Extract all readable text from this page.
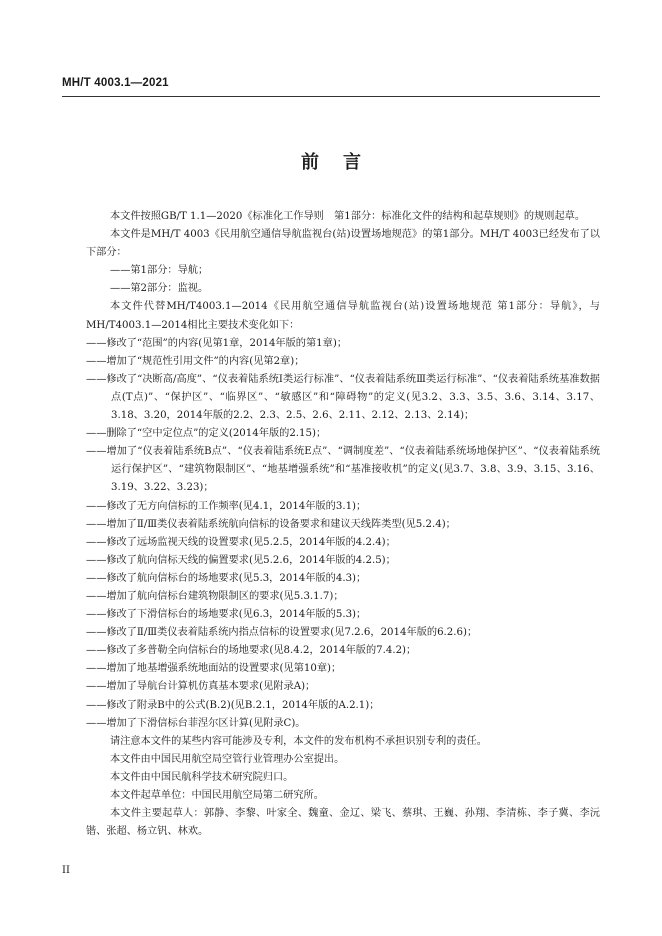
MH/T 4003.1—2021
前言

本文件按照GB/T 1.1—2020《标准化工作导则　第1部分：标准化文件的结构和起草规则》的规则起草。

本文件是MH/T 4003《民用航空通信导航监视台(站)设置场地规范》的第1部分。MH/T 4003已经发布了以下部分：

——第1部分：导航；

——第2部分：监视。

本文件代替MH/T4003.1—2014《民用航空通信导航监视台(站)设置场地规范 第1部分：导航》，与MH/T4003.1—2014相比主要技术变化如下：

——修改了“范围”的内容(见第1章，2014年版的第1章)；

——增加了“规范性引用文件”的内容(见第2章)；

——修改了“决断高/高度”、“仪表着陆系统Ⅰ类运行标准”、“仪表着陆系统Ⅲ类运行标准”、“仪表着陆系统基准数据点(T点)”、“保护区”、“临界区”、“敏感区”和“障碍物”的定义(见3.2、3.3、3.5、3.6、3.14、3.17、3.18、3.20，2014年版的2.2、2.3、2.5、2.6、2.11、2.12、2.13、2.14)；

——删除了“空中定位点”的定义(2014年版的2.15)；

——增加了“仪表着陆系统B点”、“仪表着陆系统E点”、“调制度差”、“仪表着陆系统场地保护区”、“仪表着陆系统运行保护区”、“建筑物限制区”、“地基增强系统”和“基准接收机”的定义(见3.7、3.8、3.9、3.15、3.16、3.19、3.22、3.23)；

——修改了无方向信标的工作频率(见4.1，2014年版的3.1)；

——增加了Ⅱ/Ⅲ类仪表着陆系统航向信标的设备要求和建议天线阵类型(见5.2.4)；

——修改了远场监视天线的设置要求(见5.2.5，2014年版的4.2.4)；

——修改了航向信标天线的偏置要求(见5.2.6，2014年版的4.2.5)；

——修改了航向信标台的场地要求(见5.3，2014年版的4.3)；

——增加了航向信标台建筑物限制区的要求(见5.3.1.7)；

——修改了下滑信标台的场地要求(见6.3，2014年版的5.3)；

——修改了Ⅱ/Ⅲ类仪表着陆系统内指点信标的设置要求(见7.2.6，2014年版的6.2.6)；

——修改了多普勒全向信标台的场地要求(见8.4.2，2014年版的7.4.2)；

——增加了地基增强系统地面站的设置要求(见第10章)；

——增加了导航台计算机仿真基本要求(见附录A)；

——修改了附录B中的公式(B.2)(见B.2.1，2014年版的A.2.1)；

——增加了下滑信标台菲涅尔区计算(见附录C)。

请注意本文件的某些内容可能涉及专利，本文件的发布机构不承担识别专利的责任。

本文件由中国民用航空局空管行业管理办公室提出。

本文件由中国民航科学技术研究院归口。

本文件起草单位：中国民用航空局第二研究所。

本文件主要起草人：郭静、李黎、叶家全、魏童、金辽、梁飞、蔡琪、王巍、孙翔、李清栋、李子冀、李沅锴、张超、杨立钒、林欢。

II
